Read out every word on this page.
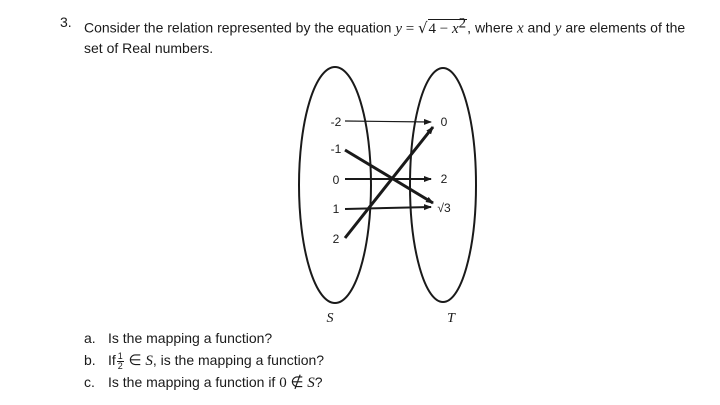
3. Consider the relation represented by the equation $y = √4 - x^2$, where x and y are elements of the set of Real numbers.
-2
-1
0
1
2
0
2
√3
S	T
a. Is the mapping a function?
b. If $\frac{1}{2}$ ∈ S, is the mapping a function?
c. Is the mapping a function if 0 ∉ S?
